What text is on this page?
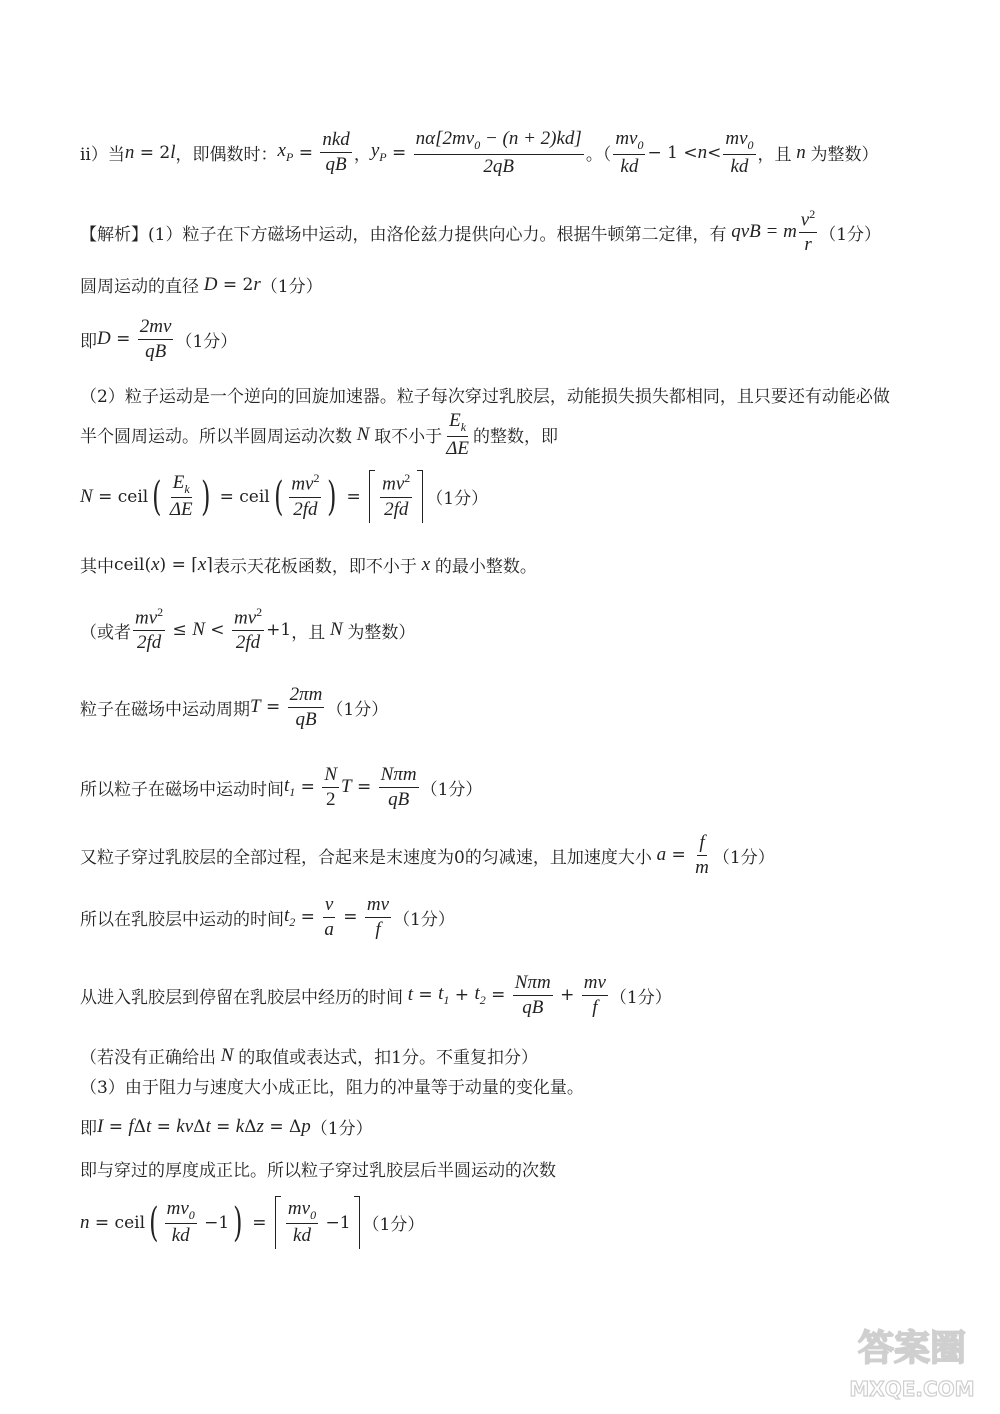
ii）当 n = 2 l ，即偶数时： $x_P = \frac{\text{nkd}}{qB}$ ， $y_P = \frac{n\alpha[2mv_0 - (n + 2)kd]}{2qB}$ 。（ $\frac{mv_0}{kd} - 1 < n < \frac{mv_0}{kd}$ ，且 n 为整数）
【解析】 (1）粒子在下方磁场中运动，由洛伦兹力提供向心力。根据牛顿第二定律，有 qvB = m $\frac{v^2}{r} (1$分）
圆周运动的直径 D = 2 r （1分）
即 $D = \frac{2mv}{qB} (1$分）
（2）粒子运动是一个逆向的回旋加速器。粒子每次穿过乳胶层，动能损失损失都相同，且只要还有动能必做
半个圆周运动。所以半圆周运动次数 N 取不小于 $\frac{E_k}{\Delta E}$ 的整数，即
N = ceil ( $\frac{E_k}{\Delta E}$ ) = ceil ( $\frac{mv^2}{2fd}$ ) = $\frac{mv^2}{2fd} (1$分）
其中 ceil( x ) = ⌈ x ⌉ 表示天花板函数，即不小于 x 的最小整数。
（或者 $\frac{mv^2}{2fd} \le N < \frac{mv^2}{2fd} +1$ ，且 N 为整数）
粒子在磁场中运动周期 $T = \frac{2\pi m}{qB} (1$分）
所以粒子在磁场中运动时间 $t_1 = \frac{N}{2}$ $T = \frac{\text{Nπm}}{qB} (1$分）
又粒子穿过乳胶层的全部过程，合起来是末速度为0的匀减速，且加速度大小 $a = \frac{f}{m} (1$分）
所以在乳胶层中运动的时间 $t_2 = \frac{v}{a} = \frac{mv}{f} (1$分）
从进入乳胶层到停留在乳胶层中经历的时间 $t = t_1 + t_2 = \frac{\text{Nπm}}{qB} + \frac{mv}{f} (1$分）
（若没有正确给出 N 的取值或表达式，扣1分。不重复扣分）
（3）由于阻力与速度大小成正比，阻力的冲量等于动量的变化量。
即 I = f Δ t = kv Δ t = k Δ z = Δ p （1分）
即与穿过的厚度成正比。所以粒子穿过乳胶层后半圆运动的次数
n = ceil ( $\frac{mv_0}{kd} -1$ ) = $\frac{mv_0}{kd} -1$ （1分）
答案圈
MXQE.COM
